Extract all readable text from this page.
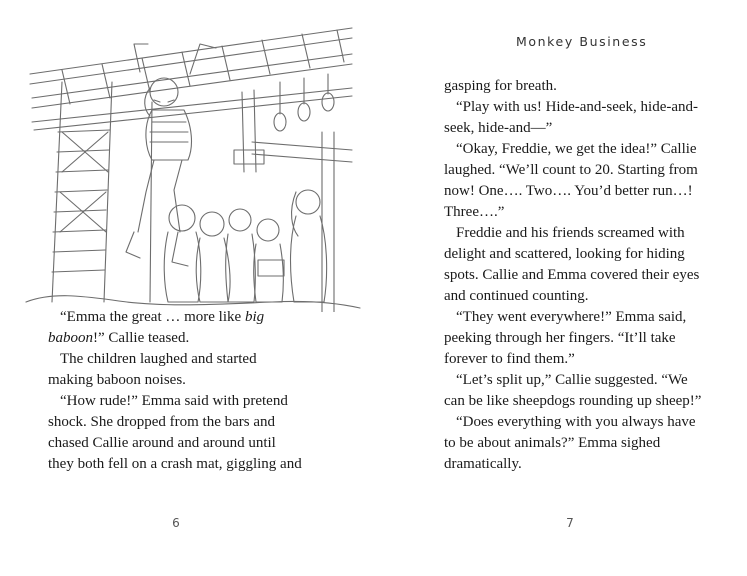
“Emma the great … more like big

baboon!” Callie teased.

The children laughed and started

making baboon noises.

“How rude!” Emma said with pretend

shock. She dropped from the bars and

chased Callie around and around until

they both fell on a crash mat, giggling and

6
Monkey Business

gasping for breath.

“Play with us! Hide-and-seek, hide-and-

seek, hide-and—”

“Okay, Freddie, we get the idea!” Callie

laughed. “We’ll count to 20. Starting from

now! One…. Two…. You’d better run…!

Three….”

Freddie and his friends screamed with

delight and scattered, looking for hiding

spots. Callie and Emma covered their eyes

and continued counting.

“They went everywhere!” Emma said,

peeking through her fingers. “It’ll take

forever to find them.”

“Let’s split up,” Callie suggested. “We

can be like sheepdogs rounding up sheep!”

“Does everything with you always have

to be about animals?” Emma sighed

dramatically.

7
